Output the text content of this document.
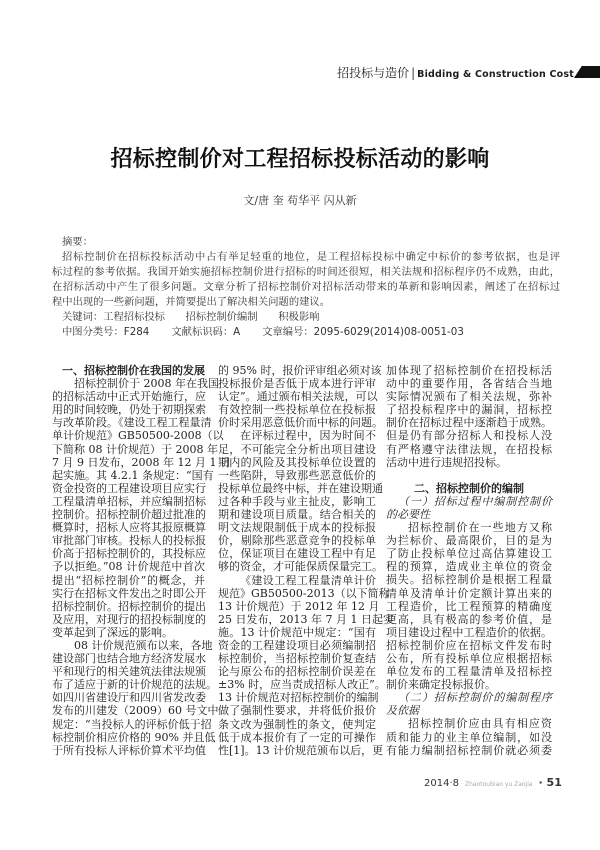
招投标与造价 | Bidding & Construction Cost
招标控制价对工程招标投标活动的影响
文/唐 奎 苟华平 闪从新
摘要：
招标控制价在招标投标活动中占有举足轻重的地位，是工程招标投标中确定中标价的参考依据，也是评
标过程的参考依据。我国开始实施招标控制价进行招标的时间还很短，相关法规和招标程序仍不成熟，由此，
在招标活动中产生了很多问题。文章分析了招标控制价对招标活动带来的革新和影响因素，阐述了在招标过
程中出现的一些新问题，并简要提出了解决相关问题的建议。
关键词：工程招标投标　　招标控制价编制　　积极影响
中图分类号：F284 文献标识码：A 文章编号：2095-6029(2014)08-0051-03
一、招标控制价在我国的发展
招标控制价于 2008 年在我国
的招标活动中正式开始施行，应
用的时间较晚，仍处于初期探索
与改革阶段。《建设工程工程量清
单计价规范》GB50500-2008（以
下简称 08 计价规范）于 2008 年
7 月 9 日发布，2008 年 12 月 1 日
起实施。其 4.2.1 条规定：“国有
资金投资的工程建设项目应实行
工程量清单招标，并应编制招标
控制价。招标控制价超过批准的
概算时，招标人应将其报原概算
审批部门审核。投标人的投标报
价高于招标控制价的，其投标应
予以拒绝。”08 计价规范中首次
提出“招标控制价”的概念，并
实行在招标文件发出之时即公开
招标控制价。招标控制价的提出
及应用，对现行的招投标制度的
变革起到了深远的影响。
08 计价规范颁布以来，各地
建设部门也结合地方经济发展水
平和现行的相关建筑法律法规颁
布了适应于新的计价规范的法规。
如四川省建设厅和四川省发改委
发布的川建发（2009）60 号文中
规定：“当投标人的评标价低于招
标控制价相应价格的 90% 并且低
于所有投标人评标价算术平均值
的 95% 时，报价评审组必须对该
投标报价是否低于成本进行评审
认定”。通过颁布相关法规，可以
有效控制一些投标单位在投标报
价时采用恶意低价而中标的问题。
在评标过程中，因为时间不
足，不可能完全分析出项目建设
期内的风险及其投标单位设置的
一些陷阱，导致那些恶意低价的
投标单位最终中标，并在建设期通
过各种手段与业主扯皮，影响工
期和建设项目质量。结合相关的
明文法规限制低于成本的投标报
价，剔除那些恶意竞争的投标单
位，保证项目在建设工程中有足
够的资金，才可能保质保量完工。
《建设工程工程量清单计价
规范》GB50500-2013（以下简称
13 计价规范）于 2012 年 12 月
25 日发布，2013 年 7 月 1 日起实
施。13 计价规范中规定：“国有
资金的工程建设项目必须编制招
标控制价，当招标控制价复查结
论与原公布的招标控制价误差在
±3% 时，应当责成招标人改正”。
13 计价规范对招标控制价的编制
做了强制性要求，并将低价报价
条文改为强制性的条文，使判定
低于成本报价有了一定的可操作
性[1]。13 计价规范颁布以后，更
加体现了招标控制价在招投标活
动中的重要作用，各省结合当地
实际情况颁布了相关法规，弥补
了招投标程序中的漏洞，招标控
制价在招标过程中逐渐趋于成熟。
但是仍有部分招标人和投标人没
有严格遵守法律法规，在招投标
活动中进行违规招投标。
二、招标控制价的编制
（一）招标过程中编制控制价
的必要性
招标控制价在一些地方又称
为拦标价、最高限价，目的是为
了防止投标单位过高估算建设工
程的预算，造成业主单位的资金
损失。招标控制价是根据工程量
清单及清单计价定额计算出来的
工程造价，比工程预算的精确度
更高，具有极高的参考价值，是
项目建设过程中工程造价的依据。
招标控制价应在招标文件发布时
公布，所有投标单位应根据招标
单位发布的工程量清单及招标控
制价来确定投标报价。
（二）招标控制价的编制程序
及依据
招标控制价应由具有相应资
质和能力的业主单位编制，如没
有能力编制招标控制价就必须委
2014·8 Zhaotoubiao yu Zaojia · 51
